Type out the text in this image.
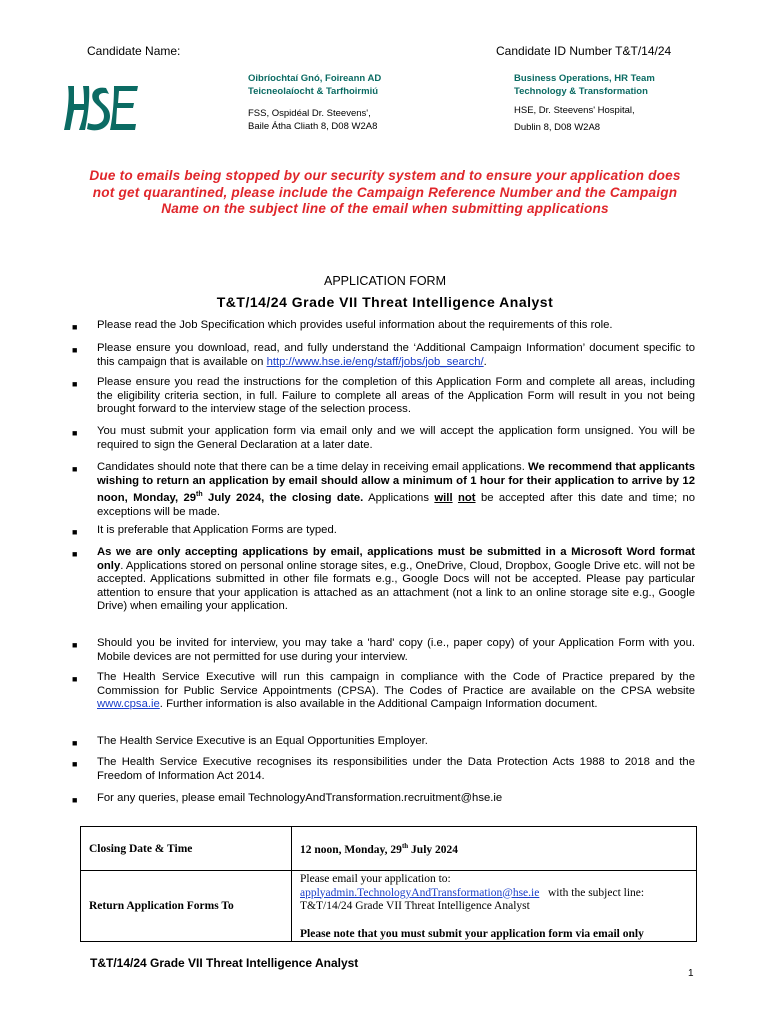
Candidate Name:	Candidate ID Number T&T/14/24
Oibríochtaí Gnó, Foireann AD
Teicneolaíocht & Tarfhoirmiú
FSS, Ospidéal Dr. Steevens',
Baile Átha Cliath 8, D08 W2A8
Business Operations, HR Team
Technology & Transformation
HSE, Dr. Steevens' Hospital,
Dublin 8, D08 W2A8
Due to emails being stopped by our security system and to ensure your application does not get quarantined, please include the Campaign Reference Number and the Campaign Name on the subject line of the email when submitting applications
APPLICATION FORM
T&T/14/24 Grade VII Threat Intelligence Analyst
■ Please read the Job Specification which provides useful information about the requirements of this role.
■ Please ensure you download, read, and fully understand the ‘Additional Campaign Information’ document specific to this campaign that is available on http://www.hse.ie/eng/staff/jobs/job_search/.
■ Please ensure you read the instructions for the completion of this Application Form and complete all areas, including the eligibility criteria section, in full. Failure to complete all areas of the Application Form will result in you not being brought forward to the interview stage of the selection process.
■ You must submit your application form via email only and we will accept the application form unsigned. You will be required to sign the General Declaration at a later date.
■ Candidates should note that there can be a time delay in receiving email applications. We recommend that applicants wishing to return an application by email should allow a minimum of 1 hour for their application to arrive by 12 noon, Monday, 29th July 2024, the closing date. Applications will not be accepted after this date and time; no exceptions will be made.
■ It is preferable that Application Forms are typed.
■ As we are only accepting applications by email, applications must be submitted in a Microsoft Word format only. Applications stored on personal online storage sites, e.g., OneDrive, Cloud, Dropbox, Google Drive etc. will not be accepted. Applications submitted in other file formats e.g., Google Docs will not be accepted. Please pay particular attention to ensure that your application is attached as an attachment (not a link to an online storage site e.g., Google Drive) when emailing your application.
■ Should you be invited for interview, you may take a 'hard' copy (i.e., paper copy) of your Application Form with you. Mobile devices are not permitted for use during your interview.
■ The Health Service Executive will run this campaign in compliance with the Code of Practice prepared by the Commission for Public Service Appointments (CPSA). The Codes of Practice are available on the CPSA website www.cpsa.ie. Further information is also available in the Additional Campaign Information document.
■ The Health Service Executive is an Equal Opportunities Employer.
■ The Health Service Executive recognises its responsibilities under the Data Protection Acts 1988 to 2018 and the Freedom of Information Act 2014.
■ For any queries, please email TechnologyAndTransformation.recruitment@hse.ie
Closing Date & Time	12 noon, Monday, 29th July 2024
Return Application Forms To	Please email your application to:
applyadmin.TechnologyAndTransformation@hse.ie with the subject line:
T&T/14/24 Grade VII Threat Intelligence Analyst
Please note that you must submit your application form via email only
T&T/14/24 Grade VII Threat Intelligence Analyst
1
